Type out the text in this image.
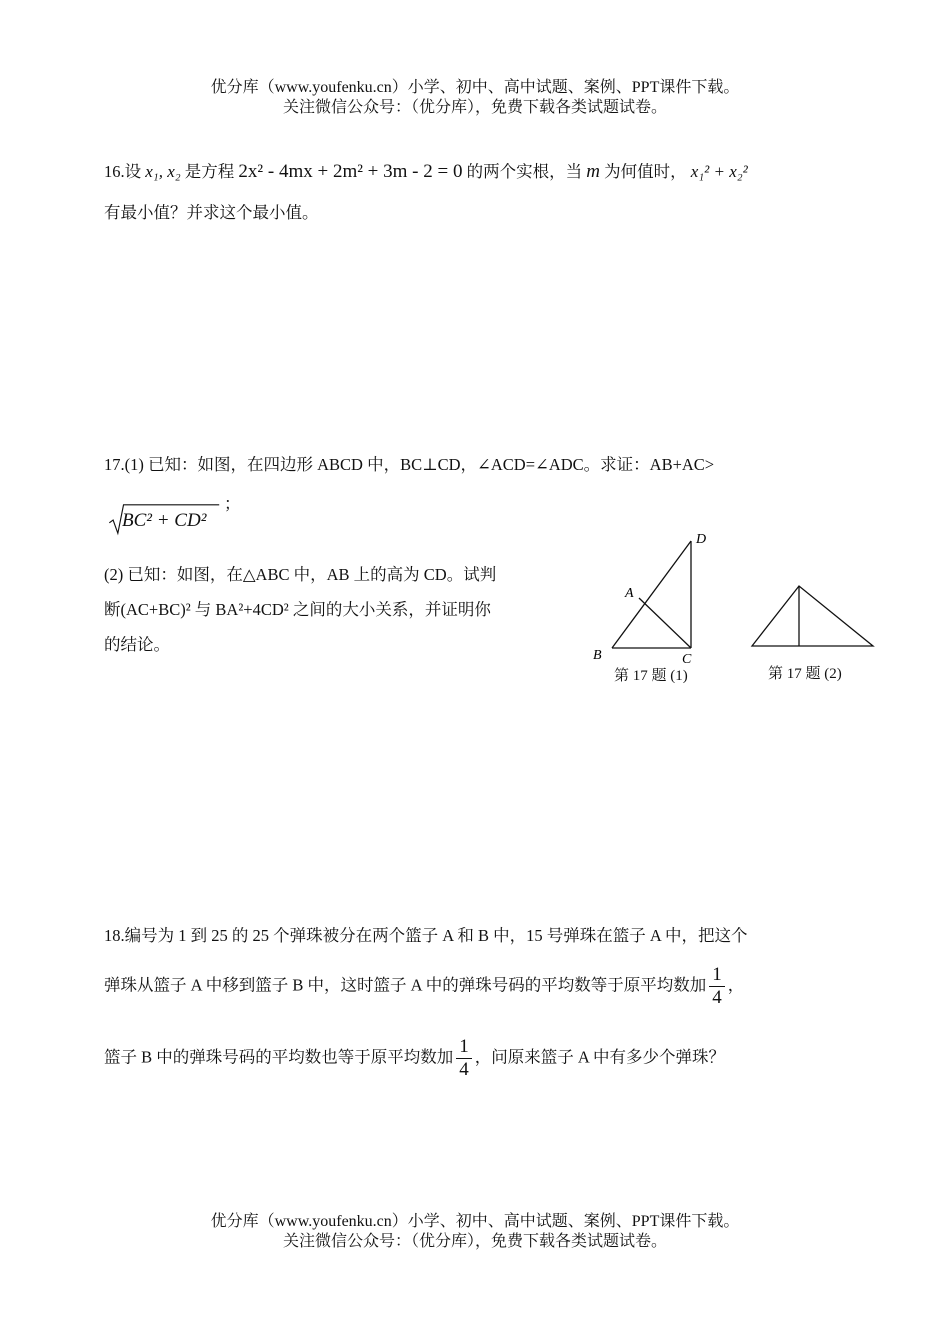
优分库（www.youfenku.cn）小学、初中、高中试题、案例、PPT课件下载。
关注微信公众号：（优分库），免费下载各类试题试卷。
16.设 x₁, x₂ 是方程 2x² - 4mx + 2m² + 3m - 2 = 0 的两个实根，当 m 为何值时， x₁² + x₂²
有最小值？并求这个最小值。
17.(1) 已知：如图，在四边形 ABCD 中，BC⊥CD，∠ACD=∠ADC。求证：AB+AC>
BC² + CD²
；
(2) 已知：如图，在△ABC 中，AB 上的高为 CD。试判
断(AC+BC)² 与 BA²+4CD² 之间的大小关系，并证明你
的结论。
D
A
B	C
第 17 题 (1)	第 17 题 (2)
18.编号为 1 到 25 的 25 个弹珠被分在两个篮子 A 和 B 中，15 号弹珠在篮子 A 中，把这个
弹珠从篮子 A 中移到篮子 B 中，这时篮子 A 中的弹珠号码的平均数等于原平均数加 $\frac{1}{4}$ ，
篮子 B 中的弹珠号码的平均数也等于原平均数加 $\frac{1}{4}$ ，问原来篮子 A 中有多少个弹珠？
优分库（www.youfenku.cn）小学、初中、高中试题、案例、PPT课件下载。
关注微信公众号：（优分库），免费下载各类试题试卷。
